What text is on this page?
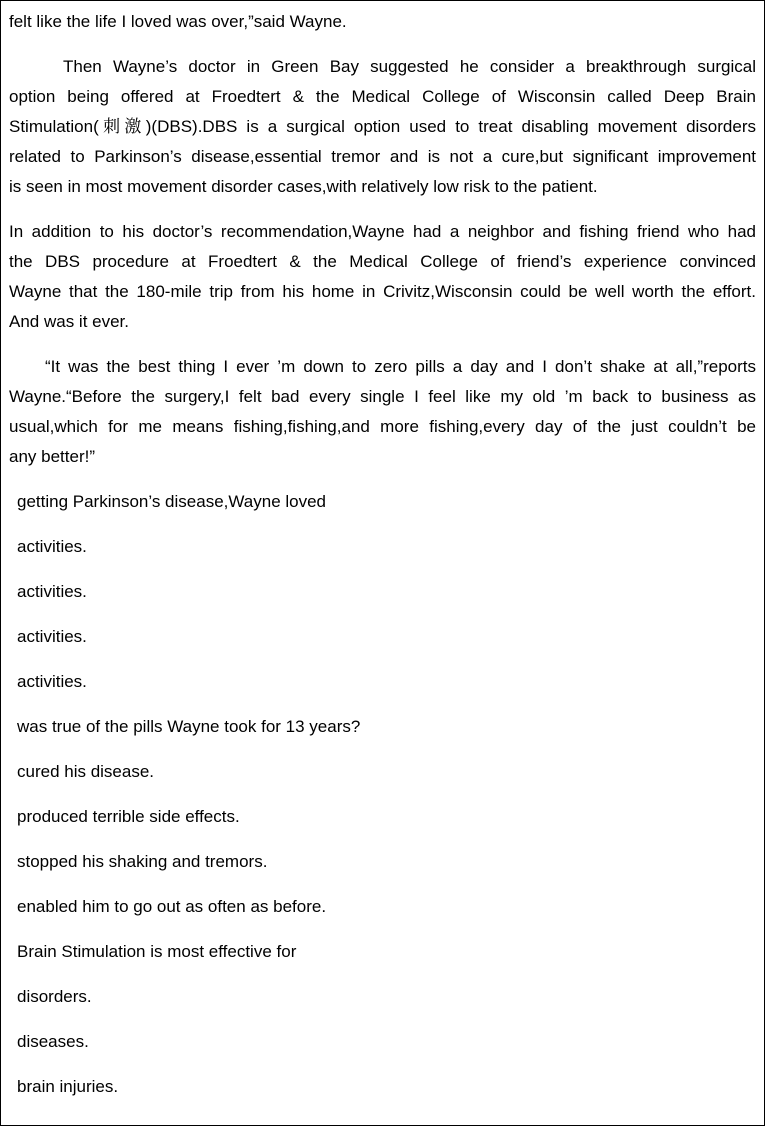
felt like the life I loved was over,”said Wayne.
Then Wayne’s doctor in Green Bay suggested he consider a breakthrough surgical
option being offered at Froedtert & the Medical College of Wisconsin called Deep Brain
Stimulation(刺激)(DBS).DBS is a surgical option used to treat disabling movement disorders
related to Parkinson’s disease,essential tremor and is not a cure,but significant improvement
is seen in most movement disorder cases,with relatively low risk to the patient.
In addition to his doctor’s recommendation,Wayne had a neighbor and fishing friend who had
the DBS procedure at Froedtert & the Medical College of friend’s experience convinced
Wayne that the 180-mile trip from his home in Crivitz,Wisconsin could be well worth the effort.
And was it ever.
“It was the best thing I ever ’m down to zero pills a day and I don’t shake at all,”reports
Wayne.“Before the surgery,I felt bad every single I feel like my old ’m back to business as
usual,which for me means fishing,fishing,and more fishing,every day of the just couldn’t be
any better!”
getting Parkinson’s disease,Wayne loved
activities.
activities.
activities.
activities.
was true of the pills Wayne took for 13 years?
cured his disease.
produced terrible side effects.
stopped his shaking and tremors.
enabled him to go out as often as before.
Brain Stimulation is most effective for
disorders.
diseases.
brain injuries.
